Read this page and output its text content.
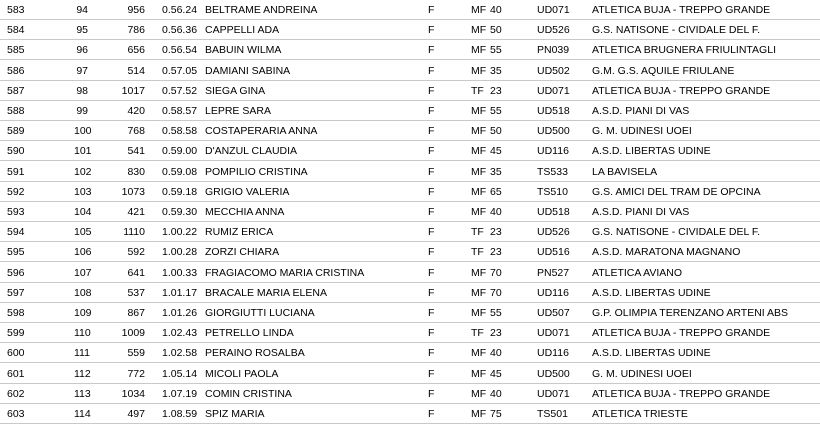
583	94	956 0.56.24 BELTRAME ANDREINA	F	MF 40	UD071 ATLETICA BUJA - TREPPO GRANDE
584	95	786 0.56.36 CAPPELLI ADA	F	MF 50	UD526 G.S. NATISONE - CIVIDALE DEL F.
585	96	656 0.56.54 BABUIN WILMA	F	MF 55	PN039 ATLETICA BRUGNERA FRIULINTAGLI
586	97	514 0.57.05 DAMIANI SABINA	F	MF 35	UD502 G.M. G.S. AQUILE FRIULANE
587	98	1017 0.57.52 SIEGA GINA	F	TF 23	UD071 ATLETICA BUJA - TREPPO GRANDE
588	99	420 0.58.57 LEPRE SARA	F	MF 55	UD518 A.S.D. PIANI DI VAS
589	100	768 0.58.58 COSTAPERARIA ANNA	F	MF 50	UD500 G. M. UDINESI UOEI
590	101	541 0.59.00 D'ANZUL CLAUDIA	F	MF 45	UD116 A.S.D. LIBERTAS UDINE
591	102	830 0.59.08 POMPILIO CRISTINA	F	MF 35	TS533 LA BAVISELA
592	103	1073 0.59.18 GRIGIO VALERIA	F	MF 65	TS510 G.S. AMICI DEL TRAM DE OPCINA
593	104	421 0.59.30 MECCHIA ANNA	F	MF 40	UD518 A.S.D. PIANI DI VAS
594	105	1110 1.00.22 RUMIZ ERICA	F	TF 23	UD526 G.S. NATISONE - CIVIDALE DEL F.
595	106	592 1.00.28 ZORZI CHIARA	F	TF 23	UD516 A.S.D. MARATONA MAGNANO
596	107	641 1.00.33 FRAGIACOMO MARIA CRISTINA	F	MF 70	PN527 ATLETICA AVIANO
597	108	537 1.01.17 BRACALE MARIA ELENA	F	MF 70	UD116 A.S.D. LIBERTAS UDINE
598	109	867 1.01.26 GIORGIUTTI LUCIANA	F	MF 55	UD507 G.P. OLIMPIA TERENZANO ARTENI ABS
599	110	1009 1.02.43 PETRELLO LINDA	F	TF 23	UD071 ATLETICA BUJA - TREPPO GRANDE
600	111	559 1.02.58 PERAINO ROSALBA	F	MF 40	UD116 A.S.D. LIBERTAS UDINE
601	112	772 1.05.14 MICOLI PAOLA	F	MF 45	UD500 G. M. UDINESI UOEI
602	113	1034 1.07.19 COMIN CRISTINA	F	MF 40	UD071 ATLETICA BUJA - TREPPO GRANDE
603	114	497 1.08.59 SPIZ MARIA	F	MF 75	TS501 ATLETICA TRIESTE
